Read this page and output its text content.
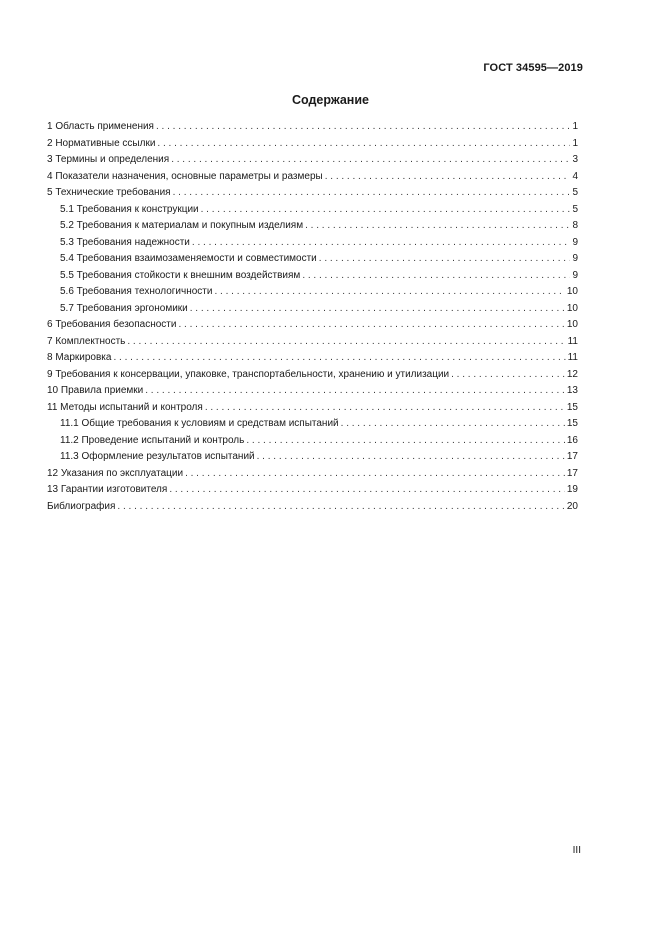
ГОСТ 34595—2019
Содержание
1 Область применения . . .	1
2 Нормативные ссылки . . .	1
3 Термины и определения . . .	3
4 Показатели назначения, основные параметры и размеры . . .	4
5 Технические требования . . .	5
5.1 Требования к конструкции . . .	5
5.2 Требования к материалам и покупным изделиям . . .	8
5.3 Требования надежности . . .	9
5.4 Требования взаимозаменяемости и совместимости . . .	9
5.5 Требования стойкости к внешним воздействиям . . .	9
5.6 Требования технологичности . . .	10
5.7 Требования эргономики . . .	10
6 Требования безопасности . . .	10
7 Комплектность . . .	11
8 Маркировка . . .	11
9 Требования к консервации, упаковке, транспортабельности, хранению и утилизации . . .	12
10 Правила приемки . . .	13
11 Методы испытаний и контроля . . .	15
11.1 Общие требования к условиям и средствам испытаний . . .	15
11.2 Проведение испытаний и контроль . . .	16
11.3 Оформление результатов испытаний . . .	17
12 Указания по эксплуатации . . .	17
13 Гарантии изготовителя . . .	19
Библиография . . .	20
III
